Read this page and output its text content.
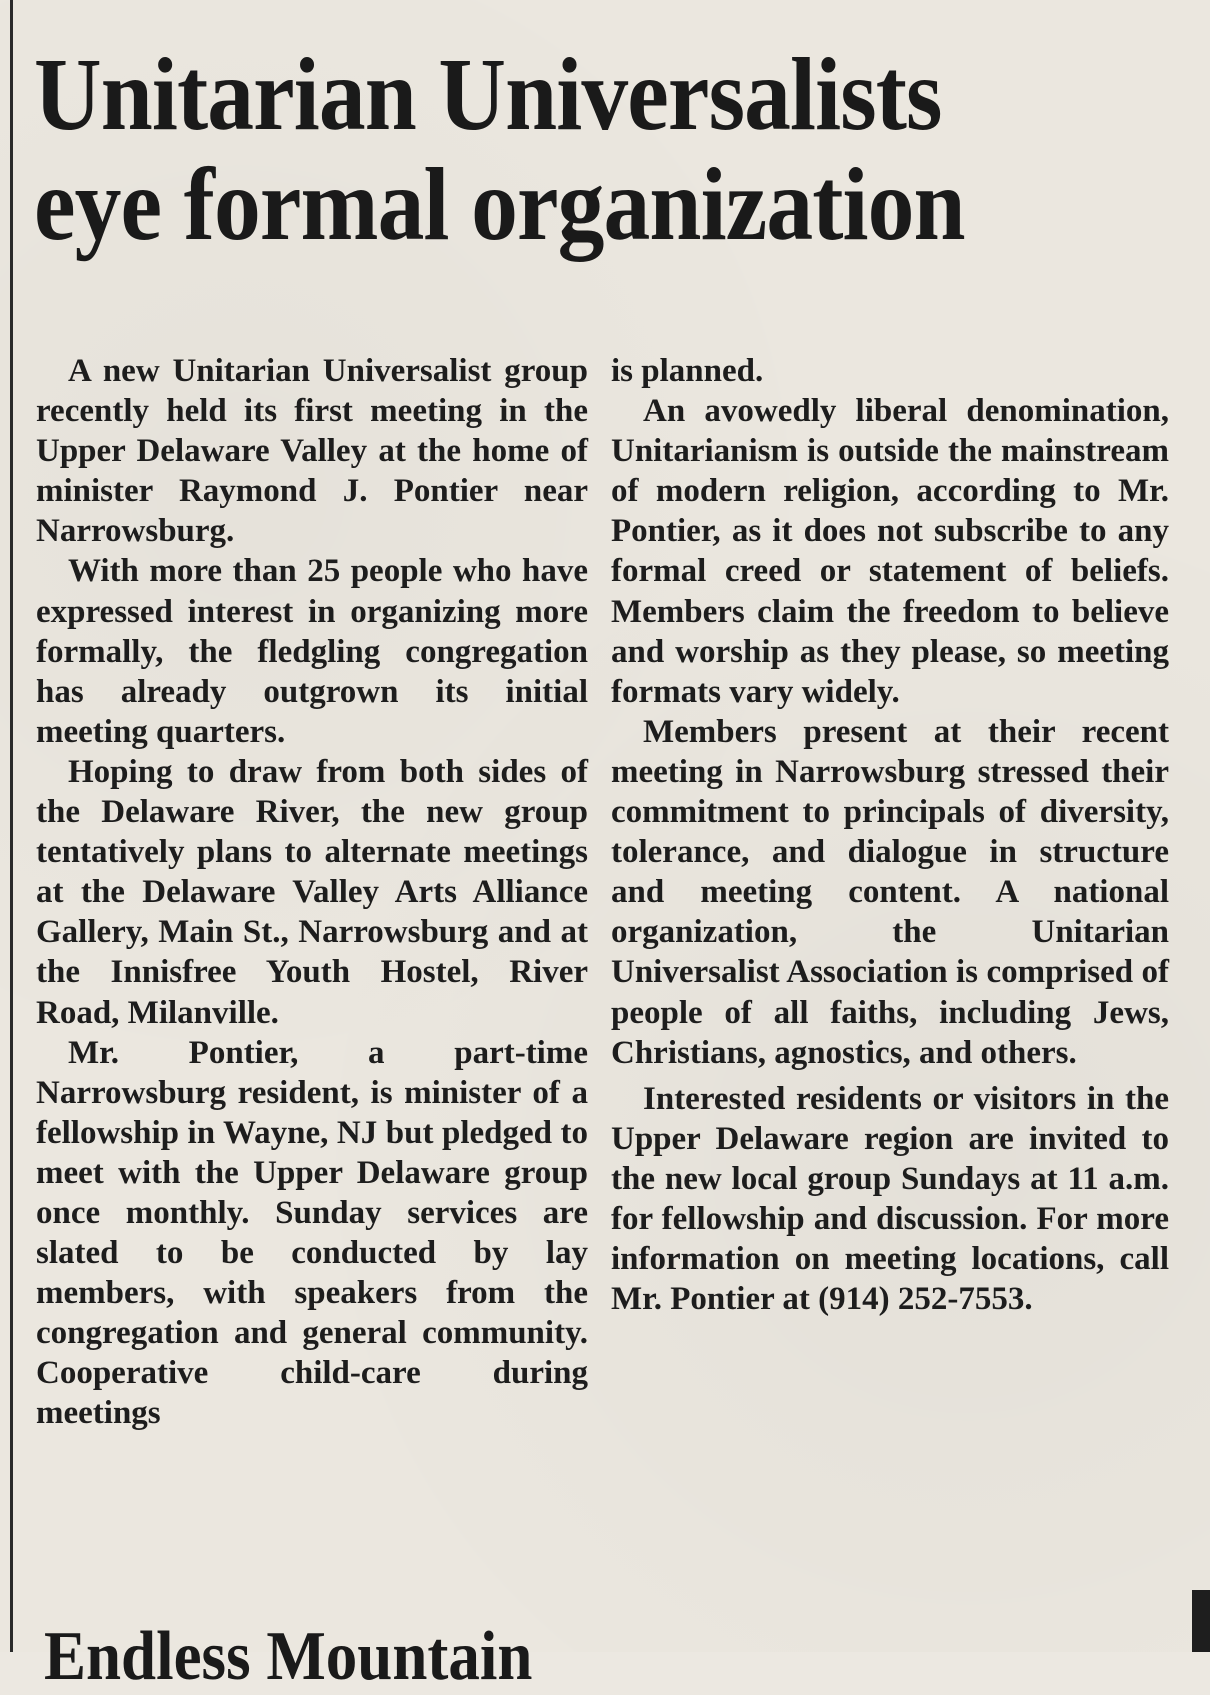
Unitarian Universalists
eye formal organization

A new Unitarian Universalist group recently held its first meeting in the Upper Delaware Valley at the home of minister Raymond J. Pontier near Narrowsburg.

With more than 25 people who have expressed interest in organizing more formally, the fledgling congregation has already outgrown its initial meeting quarters.

Hoping to draw from both sides of the Delaware River, the new group tentatively plans to alternate meetings at the Delaware Valley Arts Alliance Gallery, Main St., Narrowsburg and at the Innisfree Youth Hostel, River Road, Milanville.

Mr. Pontier, a part-time Narrowsburg resident, is minister of a fellowship in Wayne, NJ but pledged to meet with the Upper Delaware group once monthly. Sunday services are slated to be conducted by lay members, with speakers from the congregation and general community. Cooperative child-care during meetings

is planned.

An avowedly liberal denomination, Unitarianism is outside the mainstream of modern religion, according to Mr. Pontier, as it does not subscribe to any formal creed or statement of beliefs. Members claim the freedom to believe and worship as they please, so meeting formats vary widely.

Members present at their recent meeting in Narrowsburg stressed their commitment to principals of diversity, tolerance, and dialogue in structure and meeting content. A national organization, the Unitarian Universalist Association is comprised of people of all faiths, including Jews, Christians, agnostics, and others.

Interested residents or visitors in the Upper Delaware region are invited to the new local group Sundays at 11 a.m. for fellowship and discussion. For more information on meeting locations, call Mr. Pontier at (914) 252-7553.

Endless Mountain
